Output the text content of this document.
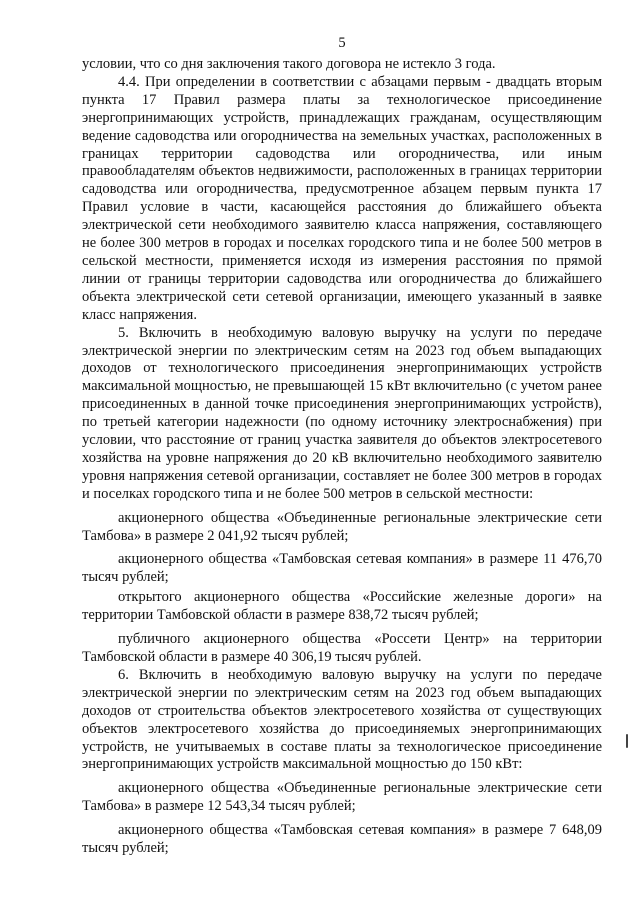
5

условии, что со дня заключения такого договора не истекло 3 года.

4.4. При определении в соответствии с абзацами первым - двадцать вторым пункта 17 Правил размера платы за технологическое присоединение энергопринимающих устройств, принадлежащих гражданам, осуществляющим ведение садоводства или огородничества на земельных участках, расположенных в границах территории садоводства или огородничества, или иным правообладателям объектов недвижимости, расположенных в границах территории садоводства или огородничества, предусмотренное абзацем первым пункта 17 Правил условие в части, касающейся расстояния до ближайшего объекта электрической сети необходимого заявителю класса напряжения, составляющего не более 300 метров в городах и поселках городского типа и не более 500 метров в сельской местности, применяется исходя из измерения расстояния по прямой линии от границы территории садоводства или огородничества до ближайшего объекта электрической сети сетевой организации, имеющего указанный в заявке класс напряжения.

5. Включить в необходимую валовую выручку на услуги по передаче электрической энергии по электрическим сетям на 2023 год объем выпадающих доходов от технологического присоединения энергопринимающих устройств максимальной мощностью, не превышающей 15 кВт включительно (с учетом ранее присоединенных в данной точке присоединения энергопринимающих устройств), по третьей категории надежности (по одному источнику электроснабжения) при условии, что расстояние от границ участка заявителя до объектов электросетевого хозяйства на уровне напряжения до 20 кВ включительно необходимого заявителю уровня напряжения сетевой организации, составляет не более 300 метров в городах и поселках городского типа и не более 500 метров в сельской местности:

акционерного общества «Объединенные региональные электрические сети Тамбова» в размере 2 041,92 тысяч рублей;

акционерного общества «Тамбовская сетевая компания» в размере 11 476,70 тысяч рублей;

открытого акционерного общества «Российские железные дороги» на территории Тамбовской области в размере 838,72 тысяч рублей;

публичного акционерного общества «Россети Центр» на территории Тамбовской области в размере 40 306,19 тысяч рублей.

6. Включить в необходимую валовую выручку на услуги по передаче электрической энергии по электрическим сетям на 2023 год объем выпадающих доходов от строительства объектов электросетевого хозяйства от существующих объектов электросетевого хозяйства до присоединяемых энергопринимающих устройств, не учитываемых в составе платы за технологическое присоединение энергопринимающих устройств максимальной мощностью до 150 кВт:

акционерного общества «Объединенные региональные электрические сети Тамбова» в размере 12 543,34 тысяч рублей;

акционерного общества «Тамбовская сетевая компания» в размере 7 648,09 тысяч рублей;
